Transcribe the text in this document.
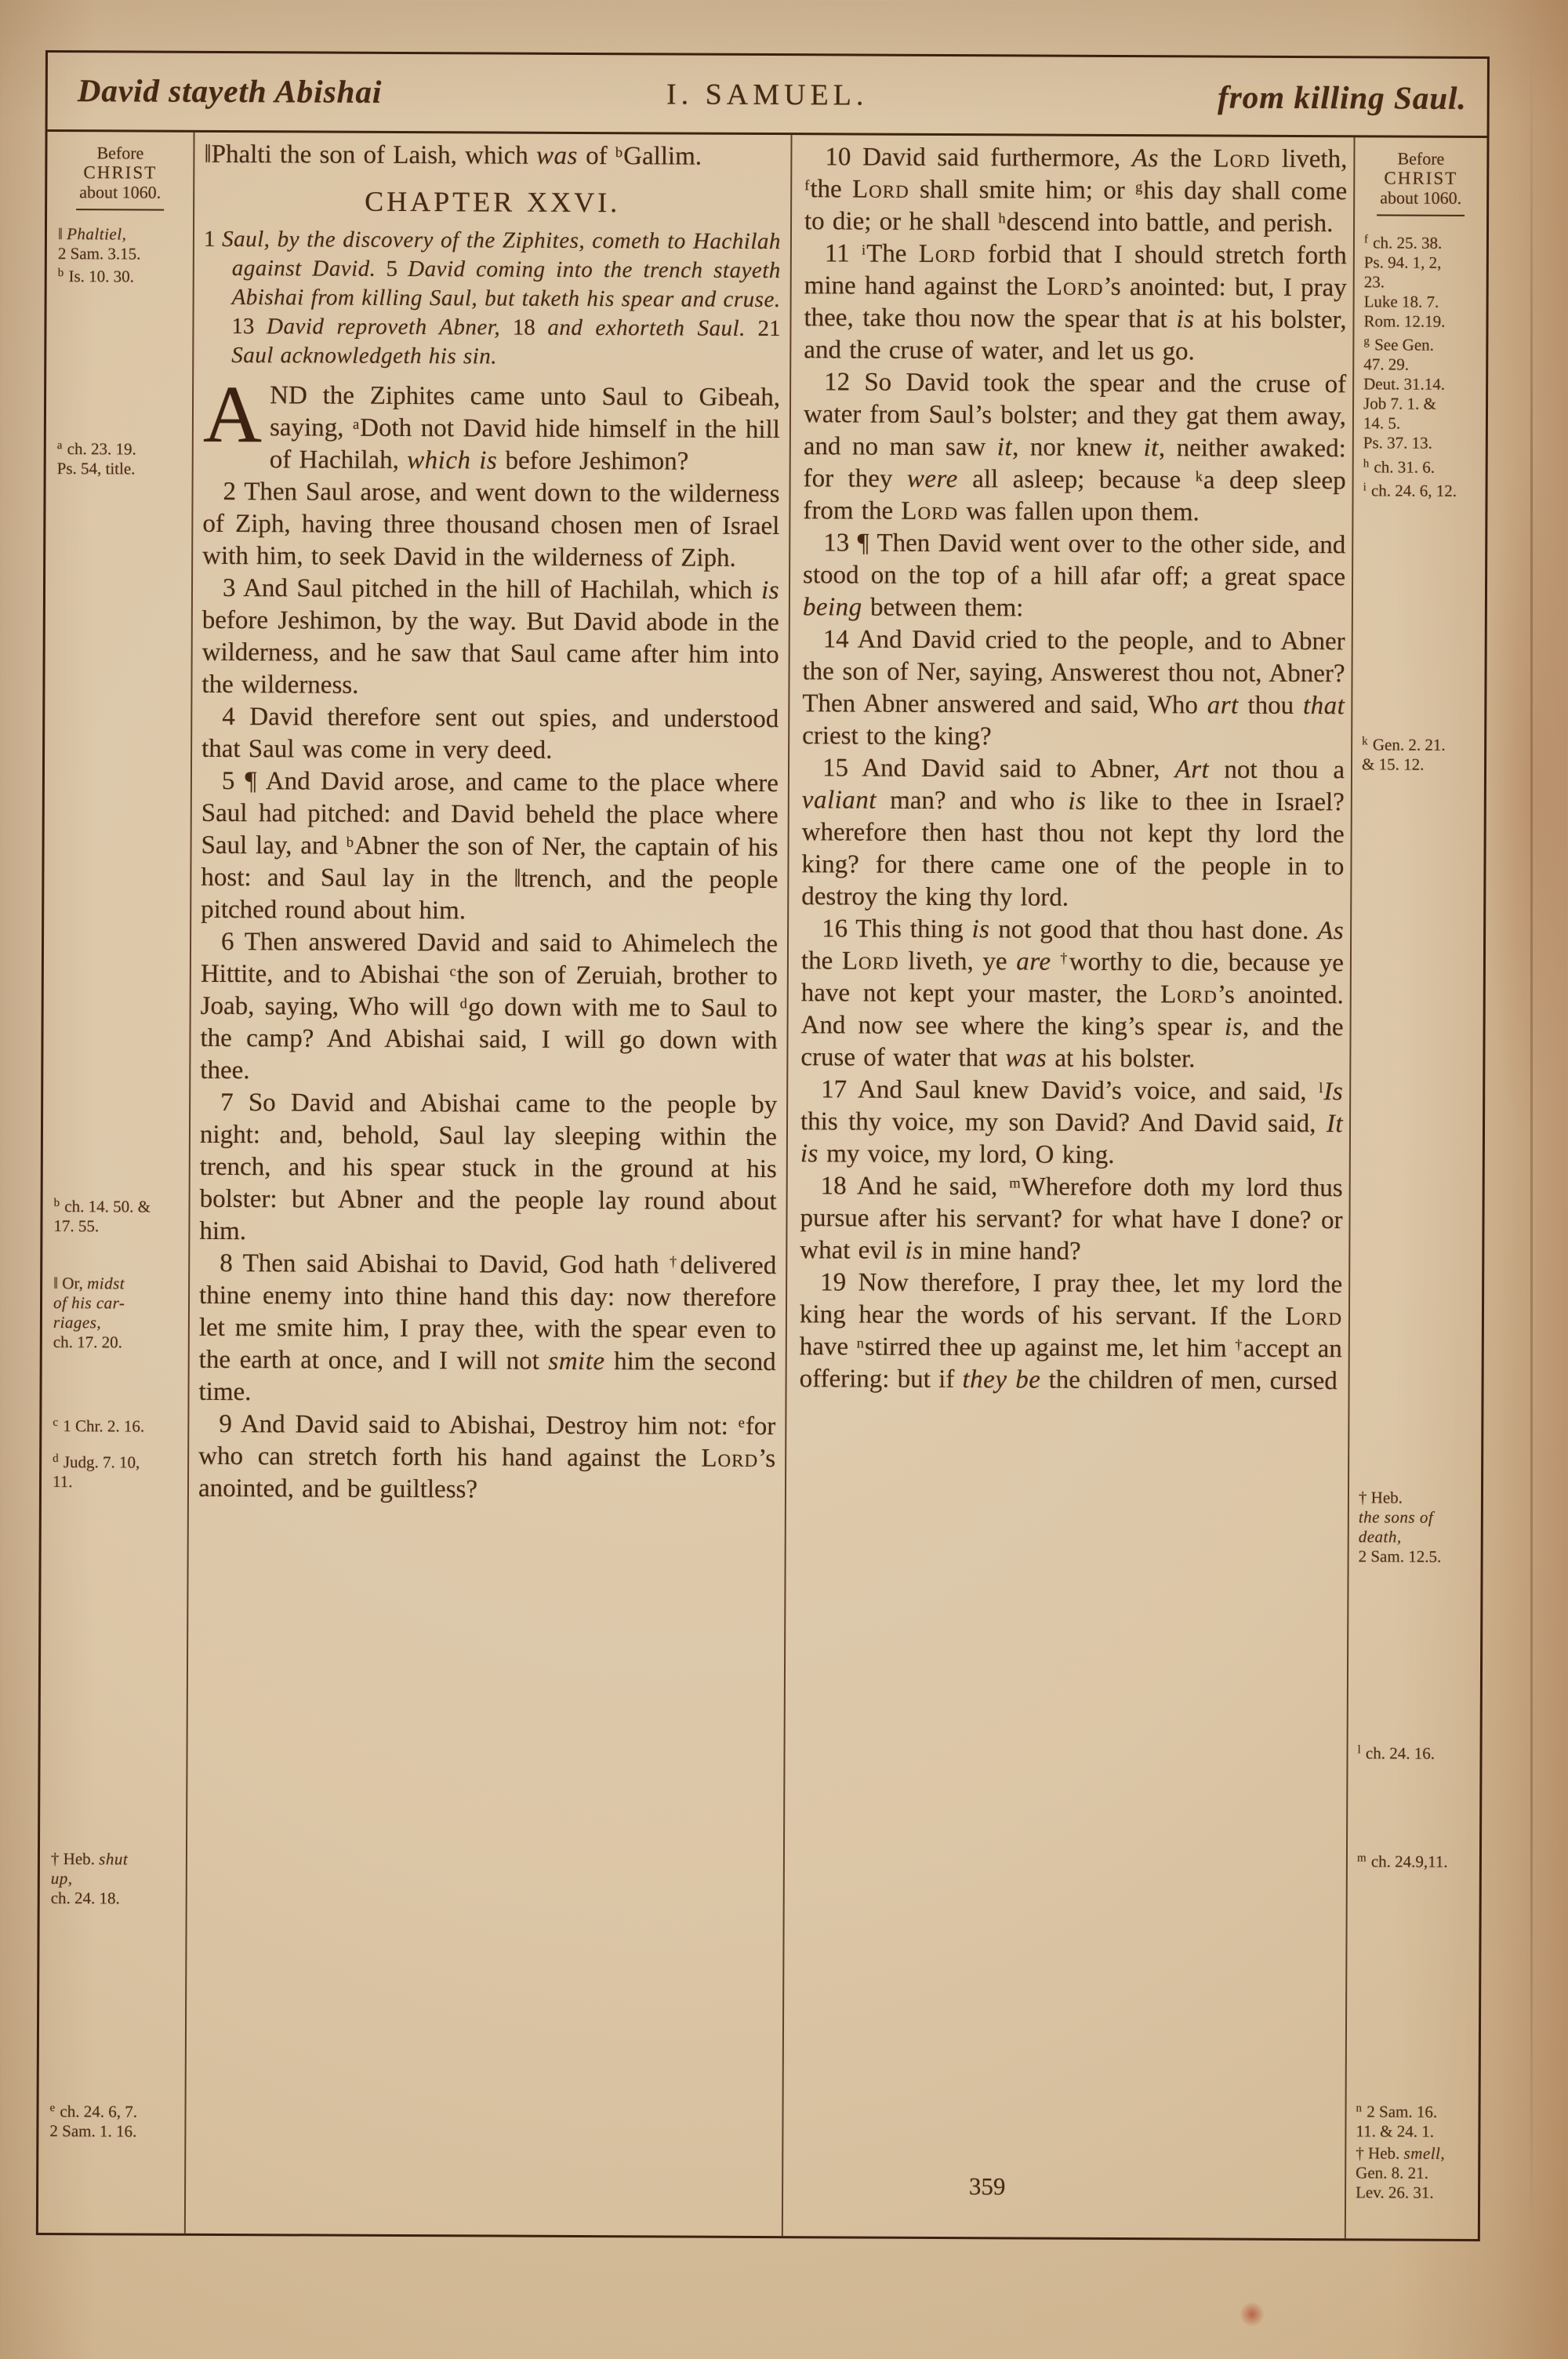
David stayeth Abishai	I. SAMUEL.	from killing Saul.
Before
CHRIST
about 1060.
‖ Phaltiel,
2 Sam. 3.15.
$^b$ Is. 10. 30.
$^a$ ch. 23. 19.
Ps. 54, title.
$^b$ ch. 14. 50. &
17. 55.
‖ Or, midst
of his car-
riages,
ch. 17. 20.
$^c$ 1 Chr. 2. 16.
$^d$ Judg. 7. 10,
11.
† Heb. shut
up,
ch. 24. 18.
$^e$ ch. 24. 6, 7.
2 Sam. 1. 16.

‖Phalti the son of Laish, which was of $^b$Gallim.

CHAPTER XXVI.

1 Saul, by the discovery of the Ziphites, cometh to Hachilah against David. 5 David coming into the trench stayeth Abishai from killing Saul, but taketh his spear and cruse. 13 David reproveth Abner, 18 and exhorteth Saul. 21 Saul acknowledgeth his sin.

AND the Ziphites came unto Saul to Gibeah, saying, $^a$Doth not David hide himself in the hill of Hachilah, which is before Jeshimon?

2 Then Saul arose, and went down to the wilderness of Ziph, having three thousand chosen men of Israel with him, to seek David in the wilderness of Ziph.

3 And Saul pitched in the hill of Hachilah, which is before Jeshimon, by the way. But David abode in the wilderness, and he saw that Saul came after him into the wilderness.

4 David therefore sent out spies, and understood that Saul was come in very deed.

5 ¶ And David arose, and came to the place where Saul had pitched: and David beheld the place where Saul lay, and $^b$Abner the son of Ner, the captain of his host: and Saul lay in the ‖trench, and the people pitched round about him.

6 Then answered David and said to Ahimelech the Hittite, and to Abishai $^c$the son of Zeruiah, brother to Joab, saying, Who will $^d$go down with me to Saul to the camp? And Abishai said, I will go down with thee.

7 So David and Abishai came to the people by night: and, behold, Saul lay sleeping within the trench, and his spear stuck in the ground at his bolster: but Abner and the people lay round about him.

8 Then said Abishai to David, God hath †delivered thine enemy into thine hand this day: now therefore let me smite him, I pray thee, with the spear even to the earth at once, and I will not smite him the second time.

9 And David said to Abishai, Destroy him not: $^e$for who can stretch forth his hand against the Lord’s anointed, and be guiltless?

10 David said furthermore, As the Lord liveth, $^f$the Lord shall smite him; or $^g$his day shall come to die; or he shall $^h$descend into battle, and perish.

11 $^i$The Lord forbid that I should stretch forth mine hand against the Lord’s anointed: but, I pray thee, take thou now the spear that is at his bolster, and the cruse of water, and let us go.

12 So David took the spear and the cruse of water from Saul’s bolster; and they gat them away, and no man saw it, nor knew it, neither awaked: for they were all asleep; because $^k$a deep sleep from the Lord was fallen upon them.

13 ¶ Then David went over to the other side, and stood on the top of a hill afar off; a great space being between them:

14 And David cried to the people, and to Abner the son of Ner, saying, Answerest thou not, Abner? Then Abner answered and said, Who art thou that criest to the king?

15 And David said to Abner, Art not thou a valiant man? and who is like to thee in Israel? wherefore then hast thou not kept thy lord the king? for there came one of the people in to destroy the king thy lord.

16 This thing is not good that thou hast done. As the Lord liveth, ye are †worthy to die, because ye have not kept your master, the Lord’s anointed. And now see where the king’s spear is, and the cruse of water that was at his bolster.

17 And Saul knew David’s voice, and said, $^l$Is this thy voice, my son David? And David said, It is my voice, my lord, O king.

18 And he said, $^m$Wherefore doth my lord thus pursue after his servant? for what have I done? or what evil is in mine hand?

19 Now therefore, I pray thee, let my lord the king hear the words of his servant. If the Lord have $^n$stirred thee up against me, let him †accept an offering: but if they be the children of men, cursed

Before
CHRIST
about 1060.
$^f$ ch. 25. 38.
Ps. 94. 1, 2,
23.
Luke 18. 7.
Rom. 12.19.
$^g$ See Gen.
47. 29.
Deut. 31.14.
Job 7. 1. &
14. 5.
Ps. 37. 13.
$^h$ ch. 31. 6.
$^i$ ch. 24. 6, 12.
$^k$ Gen. 2. 21.
& 15. 12.
† Heb.
the sons of
death,
2 Sam. 12.5.
$^l$ ch. 24. 16.
$^m$ ch. 24.9,11.
$^n$ 2 Sam. 16.
11. & 24. 1.
† Heb. smell,
Gen. 8. 21.
Lev. 26. 31.
359
